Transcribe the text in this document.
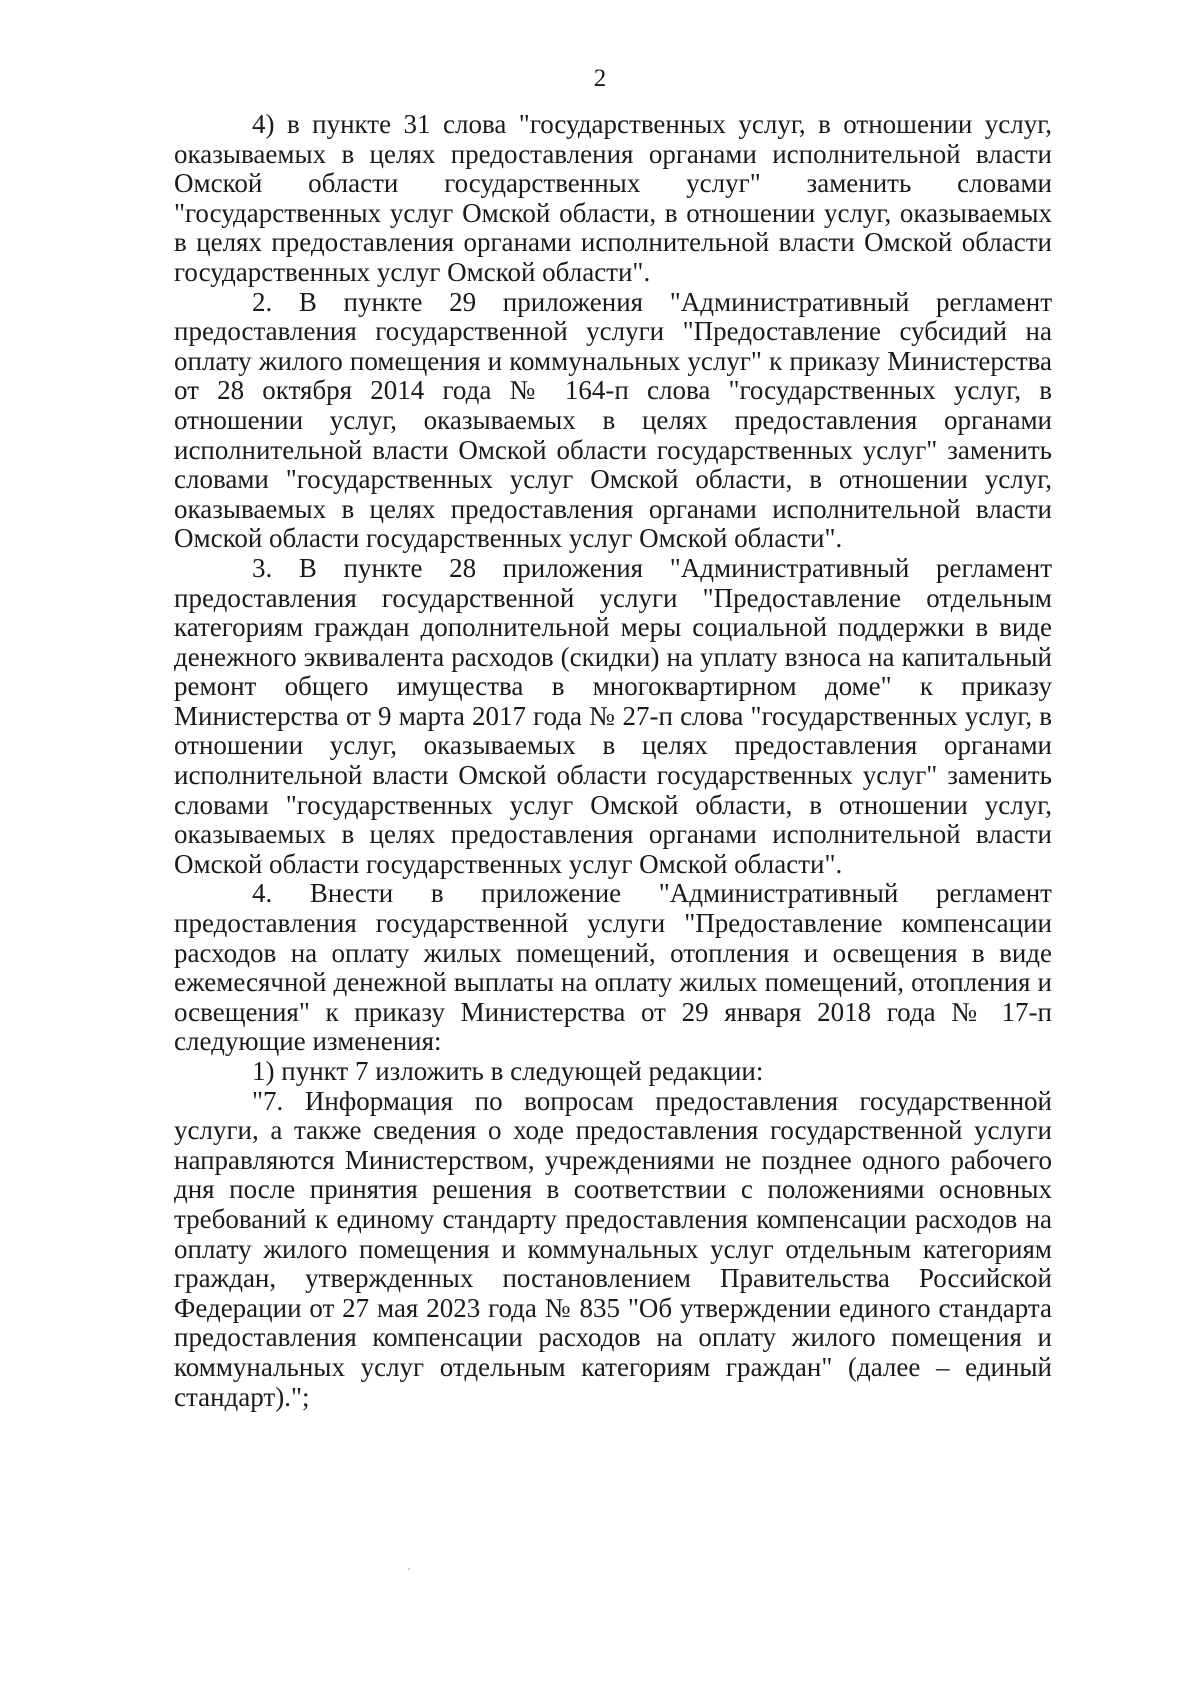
2

4) в пункте 31 слова "государственных услуг, в отношении услуг, оказываемых в целях предоставления органами исполнительной власти Омской области государственных услуг" заменить словами "государственных услуг Омской области, в отношении услуг, оказываемых в целях предоставления органами исполнительной власти Омской области государственных услуг Омской области".

2. В пункте 29 приложения "Административный регламент предоставления государственной услуги "Предоставление субсидий на оплату жилого помещения и коммунальных услуг" к приказу Министерства от 28 октября 2014 года № 164-п слова "государственных услуг, в отношении услуг, оказываемых в целях предоставления органами исполнительной власти Омской области государственных услуг" заменить словами "государственных услуг Омской области, в отношении услуг, оказываемых в целях предоставления органами исполнительной власти Омской области государственных услуг Омской области".

3. В пункте 28 приложения "Административный регламент предоставления государственной услуги "Предоставление отдельным категориям граждан дополнительной меры социальной поддержки в виде денежного эквивалента расходов (скидки) на уплату взноса на капитальный ремонт общего имущества в многоквартирном доме" к приказу Министерства от 9 марта 2017 года № 27-п слова "государственных услуг, в отношении услуг, оказываемых в целях предоставления органами исполнительной власти Омской области государственных услуг" заменить словами "государственных услуг Омской области, в отношении услуг, оказываемых в целях предоставления органами исполнительной власти Омской области государственных услуг Омской области".

4. Внести в приложение "Административный регламент предоставления государственной услуги "Предоставление компенсации расходов на оплату жилых помещений, отопления и освещения в виде ежемесячной денежной выплаты на оплату жилых помещений, отопления и освещения" к приказу Министерства от 29 января 2018 года № 17-п следующие изменения:

1) пункт 7 изложить в следующей редакции:

"7. Информация по вопросам предоставления государственной услуги, а также сведения о ходе предоставления государственной услуги направляются Министерством, учреждениями не позднее одного рабочего дня после принятия решения в соответствии с положениями основных требований к единому стандарту предоставления компенсации расходов на оплату жилого помещения и коммунальных услуг отдельным категориям граждан, утвержденных постановлением Правительства Российской Федерации от 27 мая 2023 года № 835 "Об утверждении единого стандарта предоставления компенсации расходов на оплату жилого помещения и коммунальных услуг отдельным категориям граждан" (далее – единый стандарт).";
